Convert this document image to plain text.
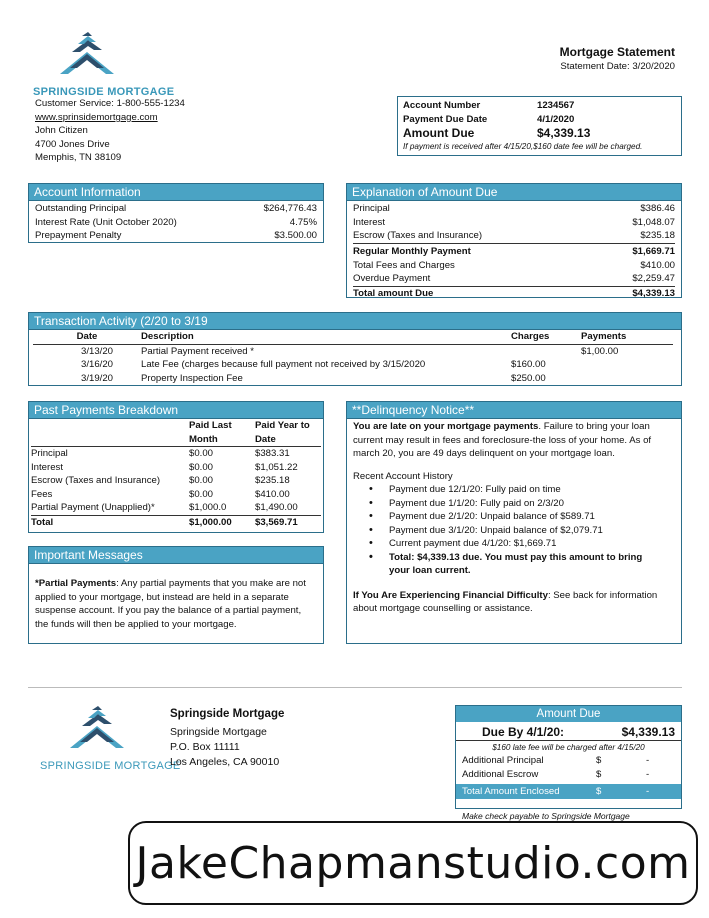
SPRINGSIDE MORTGAGE
Customer Service: 1-800-555-1234
www.sprinsidemortgage.com
John Citizen
4700 Jones Drive
Memphis, TN 38109
Mortgage Statement
Statement Date: 3/20/2020
Account Number	1234567
Payment Due Date	4/1/2020
Amount Due	$4,339.13
If payment is received after 4/15/20,$160 date fee will be charged.
Account Information
Outstanding Principal	$264,776.43
Interest Rate (Unit October 2020)	4.75%
Prepayment Penalty	$3.500.00
Explanation of Amount Due
Principal	$386.46
Interest	$1,048.07
Escrow (Taxes and Insurance)	$235.18
Regular Monthly Payment	$1,669.71
Total Fees and Charges	$410.00
Overdue Payment	$2,259.47
Total amount Due	$4,339.13
Transaction Activity (2/20 to 3/19
Date	Description	Charges	Payments
3/13/20	Partial Payment received *		$1,00.00
3/16/20	Late Fee (charges because full payment not received by 3/15/2020	$160.00	
3/19/20	Property Inspection Fee	$250.00	
Past Payments Breakdown
	Paid Last Month	Paid Year to Date
Principal	$0.00	$383.31
Interest	$0.00	$1,051.22
Escrow (Taxes and Insurance)	$0.00	$235.18
Fees	$0.00	$410.00
Partial Payment (Unapplied)*	$1,000.0	$1,490.00
Total	$1,000.00	$3,569.71
Important Messages
*Partial Payments: Any partial payments that you make are not applied to your mortgage, but instead are held in a separate suspense account. If you pay the balance of a partial payment, the funds will then be applied to your mortgage.
**Delinquency Notice**
You are late on your mortgage payments. Failure to bring your loan current may result in fees and foreclosure-the loss of your home. As of march 20, you are 49 days delinquent on your mortgage loan.
Recent Account History
• Payment due 12/1/20: Fully paid on time
• Payment due 1/1/20: Fully paid on 2/3/20
• Payment due 2/1/20: Unpaid balance of $589.71
• Payment due 3/1/20: Unpaid balance of $2,079.71
• Current payment due 4/1/20: $1,669.71
• Total: $4,339.13 due. You must pay this amount to bring your loan current.
If You Are Experiencing Financial Difficulty: See back for information about mortgage counselling or assistance.
SPRINGSIDE MORTGAGE
Springside Mortgage
Springside Mortgage
P.O. Box 11111
Los Angeles, CA 90010
Amount Due
Due By 4/1/20:	$4,339.13
$160 late fee will be charged after 4/15/20
Additional Principal	$	-
Additional Escrow	$	-
Total Amount Enclosed	$	-
Make check payable to Springside Mortgage
JakeChapmanstudio.com
